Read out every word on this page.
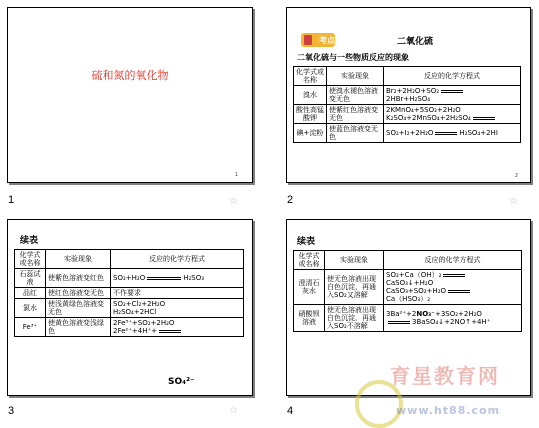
硫和氮的氧化物
1
1	☆
考点	二氧化硫
二氧化硫与一些物质反应的现象
化学式或名称	实验现象	反应的化学方程式
溴水	使溴水褪色溶液变无色	Br₂+2H₂O+SO₂
2HBr+H₂SO₄
酸性高锰酸钾	使紫红色溶液变无色	2KMnO₄+5SO₂+2H₂O
K₂SO₄+2MnSO₄+2H₂SO₄
碘+淀粉	使蓝色溶液变无色	SO₂+I₂+2H₂O H₂SO₄+2HI
2
2	☆
续表
化学式或名称	实验现象	反应的化学方程式
石蕊试液	使紫色溶液变红色	SO₂+H₂O H₂SO₃
品红	使红色溶液变无色	不作要求
氯水	使浅黄绿色溶液变无色	SO₂+Cl₂+2H₂O
H₂SO₄+2HCl
Fe³⁺	使黄色溶液变浅绿色	2Fe³⁺+SO₂+2H₂O
2Fe²⁺+4H⁺+
SO₄²⁻
3	☆
续表
化学式或名称	实验现象	反应的化学方程式
澄清石灰水	使无色溶液出现白色沉淀，再通入SO₂又溶解	SO₂+Ca（OH）₂
CaSO₃↓+H₂O
CaSO₃+SO₂+H₂O
Ca（HSO₃）₂
硝酸钡溶液	使无色溶液出现白色沉淀，再通入SO₂不溶解	3Ba²⁺+2NO₃⁻+3SO₂+2H₂O
3BaSO₄↓+2NO↑+4H⁺
4
育星教育网
www.ht88.com
